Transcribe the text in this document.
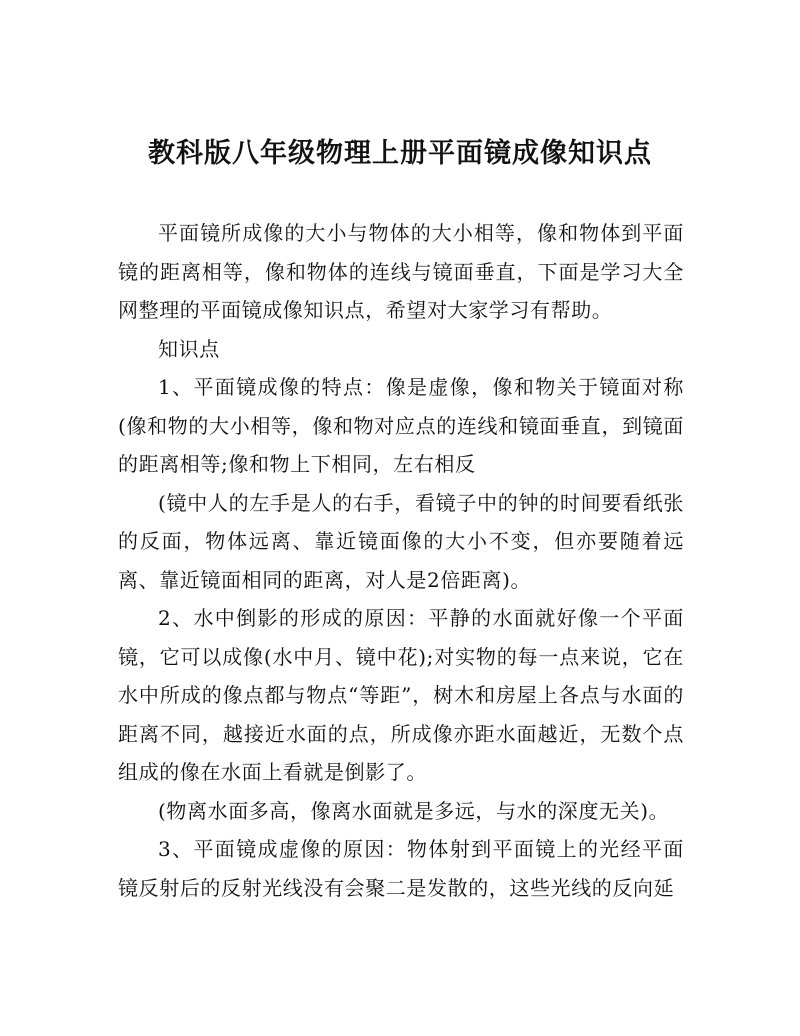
教科版八年级物理上册平面镜成像知识点

平面镜所成像的大小与物体的大小相等，像和物体到平面镜的距离相等，像和物体的连线与镜面垂直，下面是学习大全网整理的平面镜成像知识点，希望对大家学习有帮助。

知识点

1、平面镜成像的特点：像是虚像，像和物关于镜面对称(像和物的大小相等，像和物对应点的连线和镜面垂直，到镜面的距离相等;像和物上下相同，左右相反

(镜中人的左手是人的右手，看镜子中的钟的时间要看纸张的反面，物体远离、靠近镜面像的大小不变，但亦要随着远离、靠近镜面相同的距离，对人是2倍距离)。

2、水中倒影的形成的原因：平静的水面就好像一个平面镜，它可以成像(水中月、镜中花);对实物的每一点来说，它在水中所成的像点都与物点“等距”，树木和房屋上各点与水面的距离不同，越接近水面的点，所成像亦距水面越近，无数个点组成的像在水面上看就是倒影了。

(物离水面多高，像离水面就是多远，与水的深度无关)。

3、平面镜成虚像的原因：物体射到平面镜上的光经平面镜反射后的反射光线没有会聚二是发散的，这些光线的反向延
